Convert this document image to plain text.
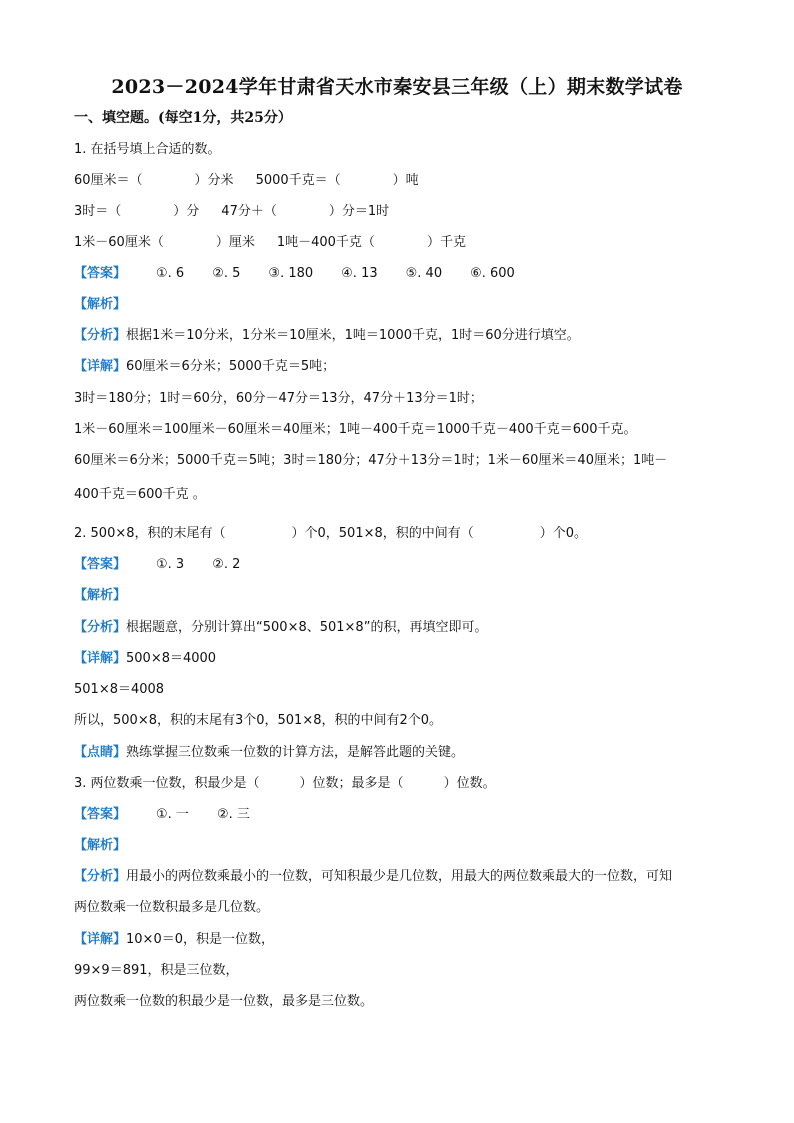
2023－2024学年甘肃省天水市秦安县三年级（上）期末数学试卷
一、填空题。(每空1分，共25分）
1. 在括号填上合适的数。
60厘米＝（	）分米 5000千克＝（	）吨
3时＝（	）分 47分＋（	）分＝1时
1米－60厘米（	）厘米 1吨－400千克（	）千克
【答案】 ①. 6 ②. 5 ③. 180 ④. 13 ⑤. 40 ⑥. 600
【解析】
【分析】根据1米＝10分米，1分米＝10厘米，1吨＝1000千克，1时＝60分进行填空。
【详解】60厘米＝6分米；5000千克＝5吨；
3时＝180分；1时＝60分，60分－47分＝13分，47分＋13分＝1时；
1米－60厘米＝100厘米－60厘米＝40厘米；1吨－400千克＝1000千克－400千克＝600千克。
60厘米＝6分米；5000千克＝5吨；3时＝180分；47分＋13分＝1时；1米－60厘米＝40厘米；1吨－
400千克＝600千克 。
2. 500×8，积的末尾有（	）个0，501×8，积的中间有（	）个0。
【答案】 ①. 3 ②. 2
【解析】
【分析】根据题意，分别计算出“500×8、501×8”的积，再填空即可。
【详解】500×8＝4000
501×8＝4008
所以，500×8，积的末尾有3个0，501×8，积的中间有2个0。
【点睛】熟练掌握三位数乘一位数的计算方法，是解答此题的关键。
3. 两位数乘一位数，积最少是（	）位数；最多是（	）位数。
【答案】 ①. 一 ②. 三
【解析】
【分析】用最小的两位数乘最小的一位数，可知积最少是几位数，用最大的两位数乘最大的一位数，可知
两位数乘一位数积最多是几位数。
【详解】10×0＝0，积是一位数，
99×9＝891，积是三位数，
两位数乘一位数的积最少是一位数，最多是三位数。
